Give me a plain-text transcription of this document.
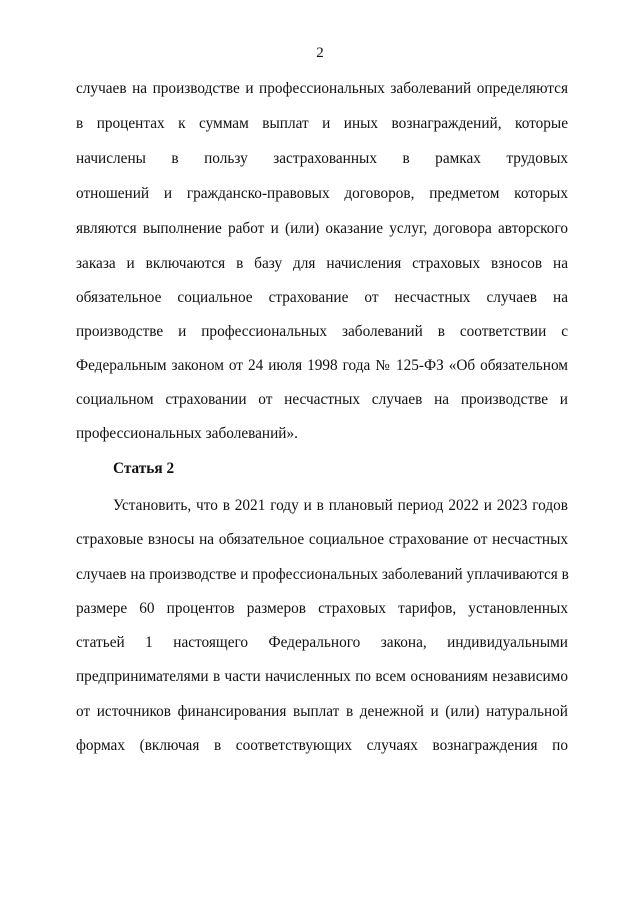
2
случаев на производстве и профессиональных заболеваний определяются
в процентах к суммам выплат и иных вознаграждений, которые
начислены в пользу застрахованных в рамках трудовых
отношений и гражданско-правовых договоров, предметом которых
являются выполнение работ и (или) оказание услуг, договора авторского
заказа и включаются в базу для начисления страховых взносов на
обязательное социальное страхование от несчастных случаев на
производстве и профессиональных заболеваний в соответствии с
Федеральным законом от 24 июля 1998 года № 125-ФЗ «Об обязательном
социальном страховании от несчастных случаев на производстве и
профессиональных заболеваний».
Статья 2
Установить, что в 2021 году и в плановый период 2022 и 2023 годов
страховые взносы на обязательное социальное страхование от несчастных
случаев на производстве и профессиональных заболеваний уплачиваются в
размере 60 процентов размеров страховых тарифов, установленных
статьей 1 настоящего Федерального закона, индивидуальными
предпринимателями в части начисленных по всем основаниям независимо
от источников финансирования выплат в денежной и (или) натуральной
формах (включая в соответствующих случаях вознаграждения по
